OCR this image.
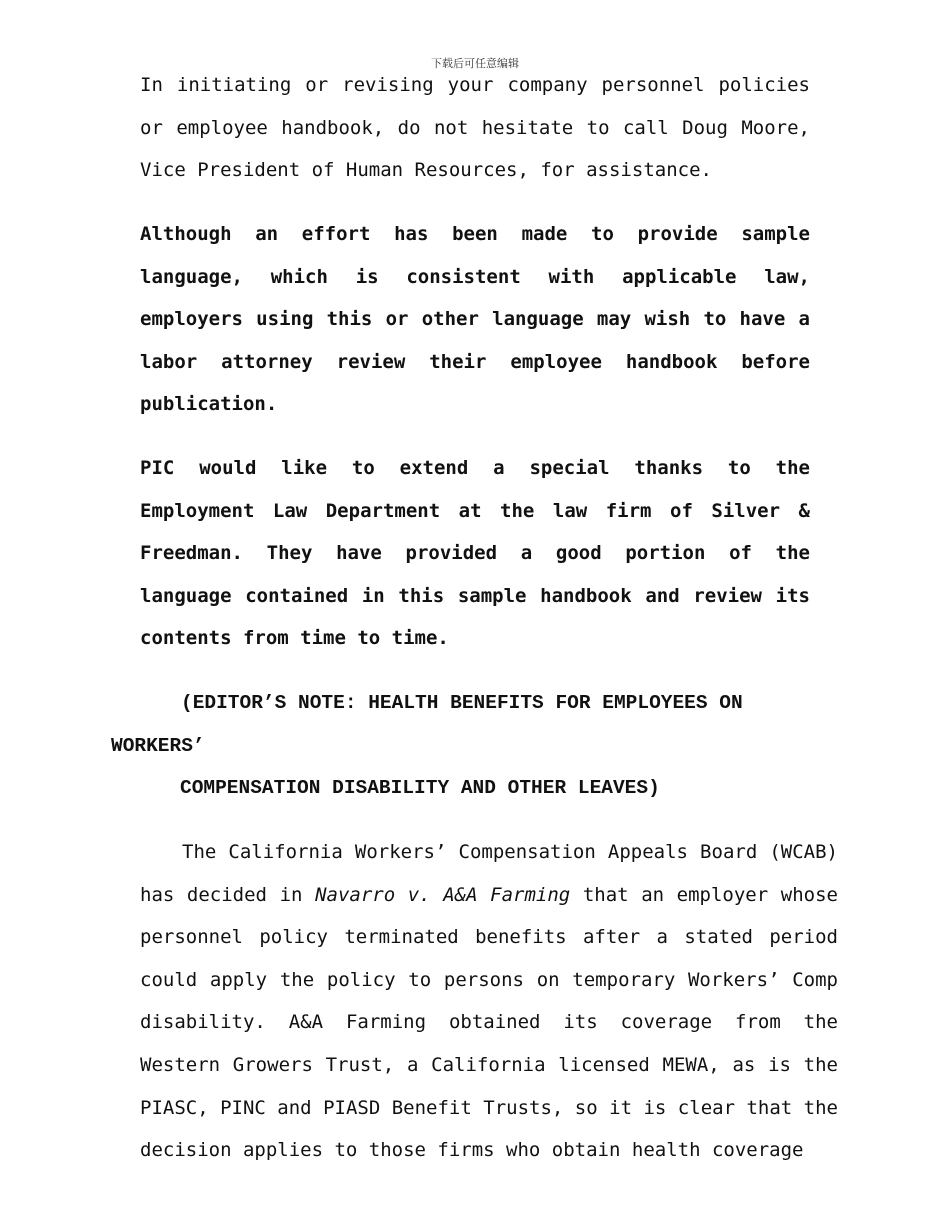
下载后可任意编辑

In initiating or revising your company personnel policies or employee handbook, do not hesitate to call Doug Moore, Vice President of Human Resources, for assistance.

Although an effort has been made to provide sample language, which is consistent with applicable law, employers using this or other language may wish to have a labor attorney review their employee handbook before publication.

PIC would like to extend a special thanks to the Employment Law Department at the law firm of Silver & Freedman. They have provided a good portion of the language contained in this sample handbook and review its contents from time to time.

(EDITOR’S NOTE: HEALTH BENEFITS FOR EMPLOYEES ON
WORKERS’
COMPENSATION DISABILITY AND OTHER LEAVES)

The California Workers’ Compensation Appeals Board (WCAB) has decided in Navarro v. A&A Farming that an employer whose personnel policy terminated benefits after a stated period could apply the policy to persons on temporary Workers’ Comp disability. A&A Farming obtained its coverage from the Western Growers Trust, a California licensed MEWA, as is the PIASC, PINC and PIASD Benefit Trusts, so it is clear that the decision applies to those firms who obtain health coverage
